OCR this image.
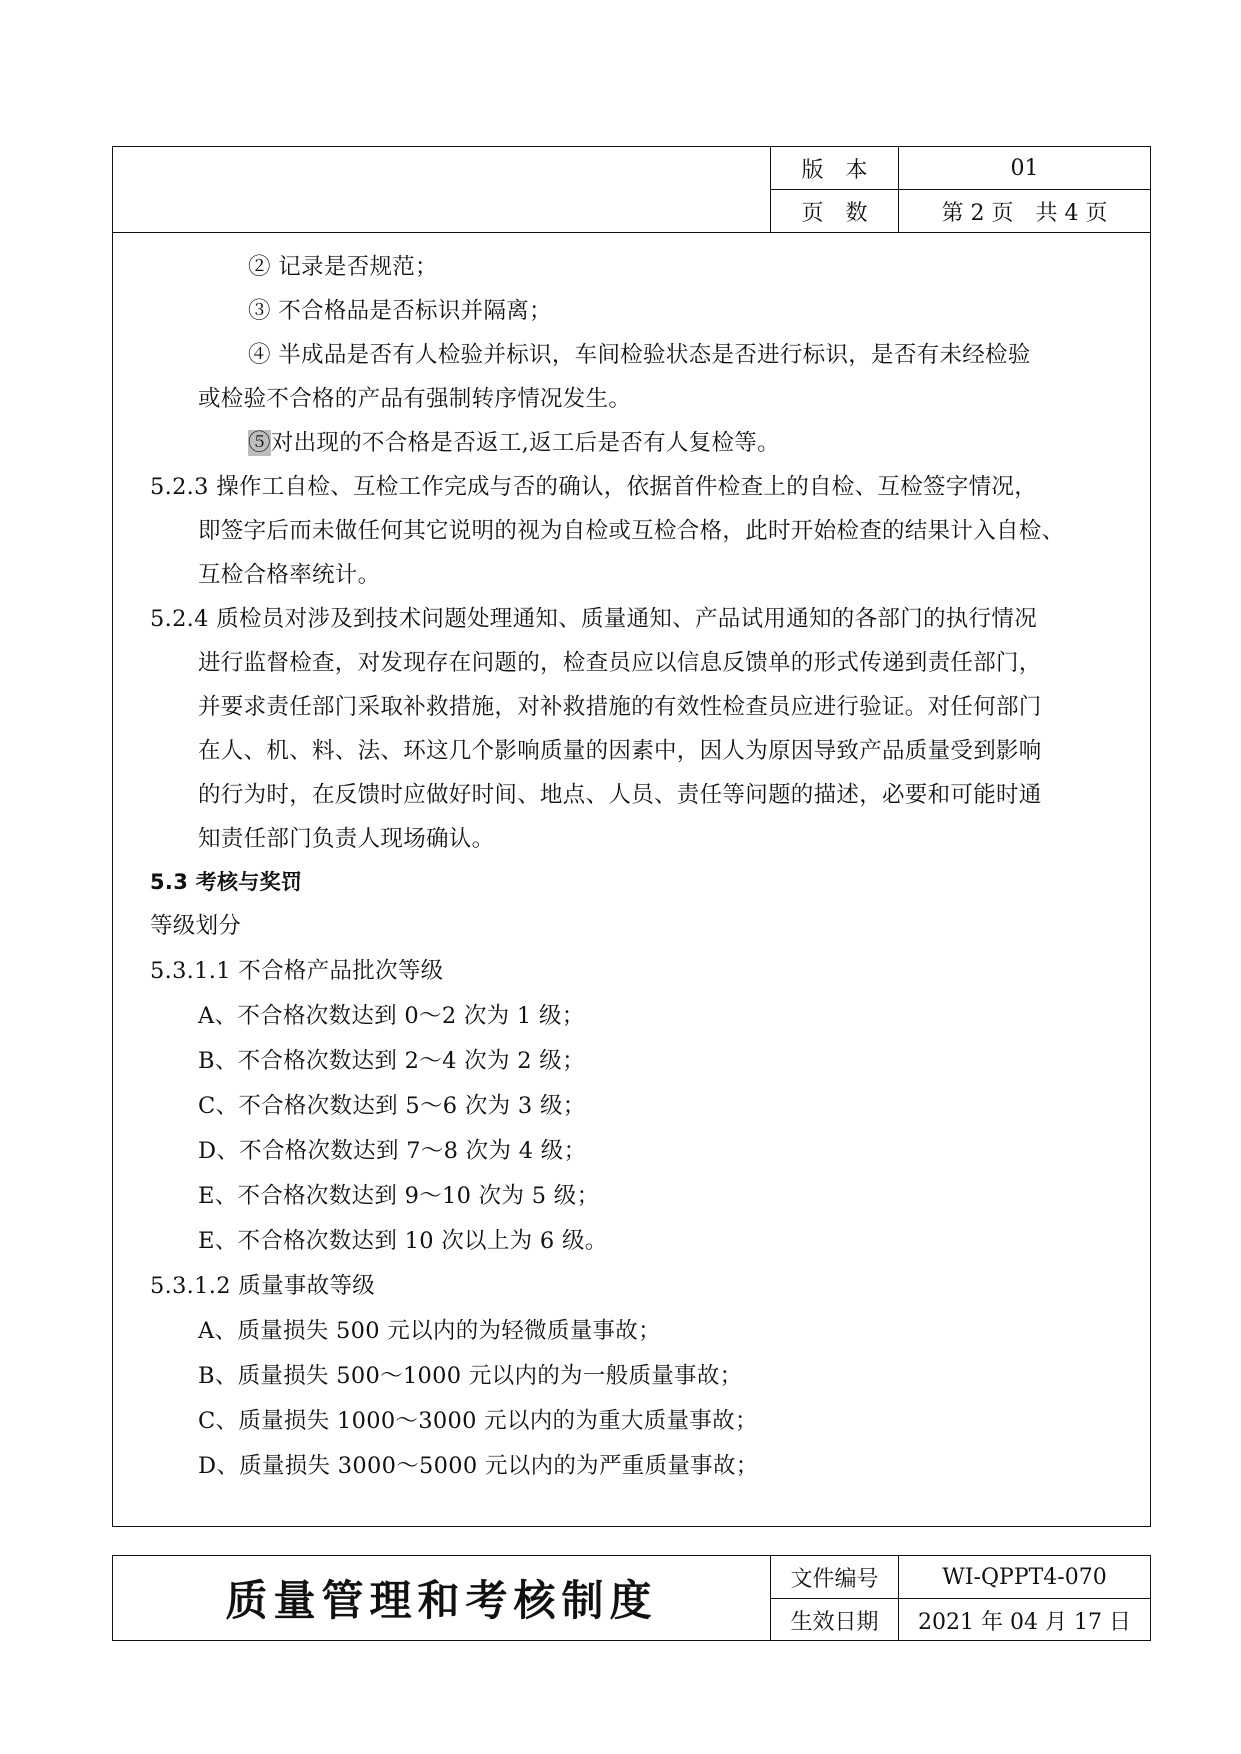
版　本	01
页　数	第 2 页　共 4 页
② 记录是否规范；
③ 不合格品是否标识并隔离；
④ 半成品是否有人检验并标识，车间检验状态是否进行标识，是否有未经检验
或检验不合格的产品有强制转序情况发生。
⑤对出现的不合格是否返工,返工后是否有人复检等。
5.2.3 操作工自检、互检工作完成与否的确认，依据首件检查上的自检、互检签字情况，
即签字后而未做任何其它说明的视为自检或互检合格，此时开始检查的结果计入自检、
互检合格率统计。
5.2.4 质检员对涉及到技术问题处理通知、质量通知、产品试用通知的各部门的执行情况
进行监督检查，对发现存在问题的，检查员应以信息反馈单的形式传递到责任部门，
并要求责任部门采取补救措施，对补救措施的有效性检查员应进行验证。对任何部门
在人、机、料、法、环这几个影响质量的因素中，因人为原因导致产品质量受到影响
的行为时，在反馈时应做好时间、地点、人员、责任等问题的描述，必要和可能时通
知责任部门负责人现场确认。
5.3 考核与奖罚
等级划分
5.3.1.1 不合格产品批次等级
A、不合格次数达到 0～2 次为 1 级；
B、不合格次数达到 2～4 次为 2 级；
C、不合格次数达到 5～6 次为 3 级；
D、不合格次数达到 7～8 次为 4 级；
E、不合格次数达到 9～10 次为 5 级；
E、不合格次数达到 10 次以上为 6 级。
5.3.1.2 质量事故等级
A、质量损失 500 元以内的为轻微质量事故；
B、质量损失 500～1000 元以内的为一般质量事故；
C、质量损失 1000～3000 元以内的为重大质量事故；
D、质量损失 3000～5000 元以内的为严重质量事故；
质量管理和考核制度	文件编号	WI-QPPT4-070
生效日期	2021 年 04 月 17 日
